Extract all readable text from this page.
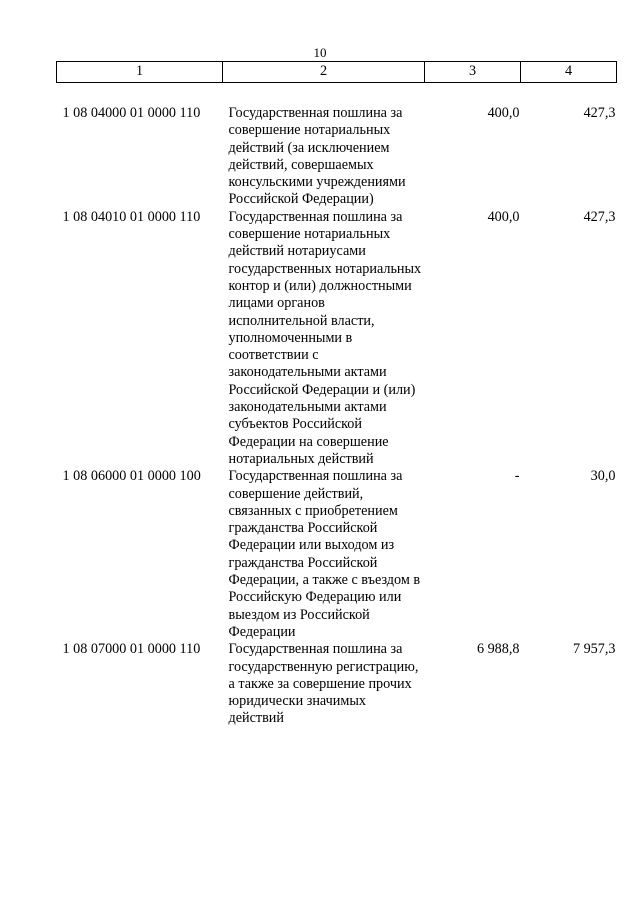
10
1	2	3	4
1 08 04000 01 0000 110	Государственная пошлина за совершение нотариальных действий (за исключением действий, совершаемых консульскими учреждениями Российской Федерации)	400,0	427,3
1 08 04010 01 0000 110	Государственная пошлина за совершение нотариальных действий нотариусами государственных нотариальных контор и (или) должностными лицами органов исполнительной власти, уполномоченными в соответствии с законодательными актами Российской Федерации и (или) законодательными актами субъектов Российской Федерации на совершение нотариальных действий	400,0	427,3
1 08 06000 01 0000 100	Государственная пошлина за совершение действий, связанных с приобретением гражданства Российской Федерации или выходом из гражданства Российской Федерации, а также с въездом в Российскую Федерацию или выездом из Российской Федерации	-	30,0
1 08 07000 01 0000 110	Государственная пошлина за государственную регистрацию, а также за совершение прочих юридически значимых действий	6 988,8	7 957,3
